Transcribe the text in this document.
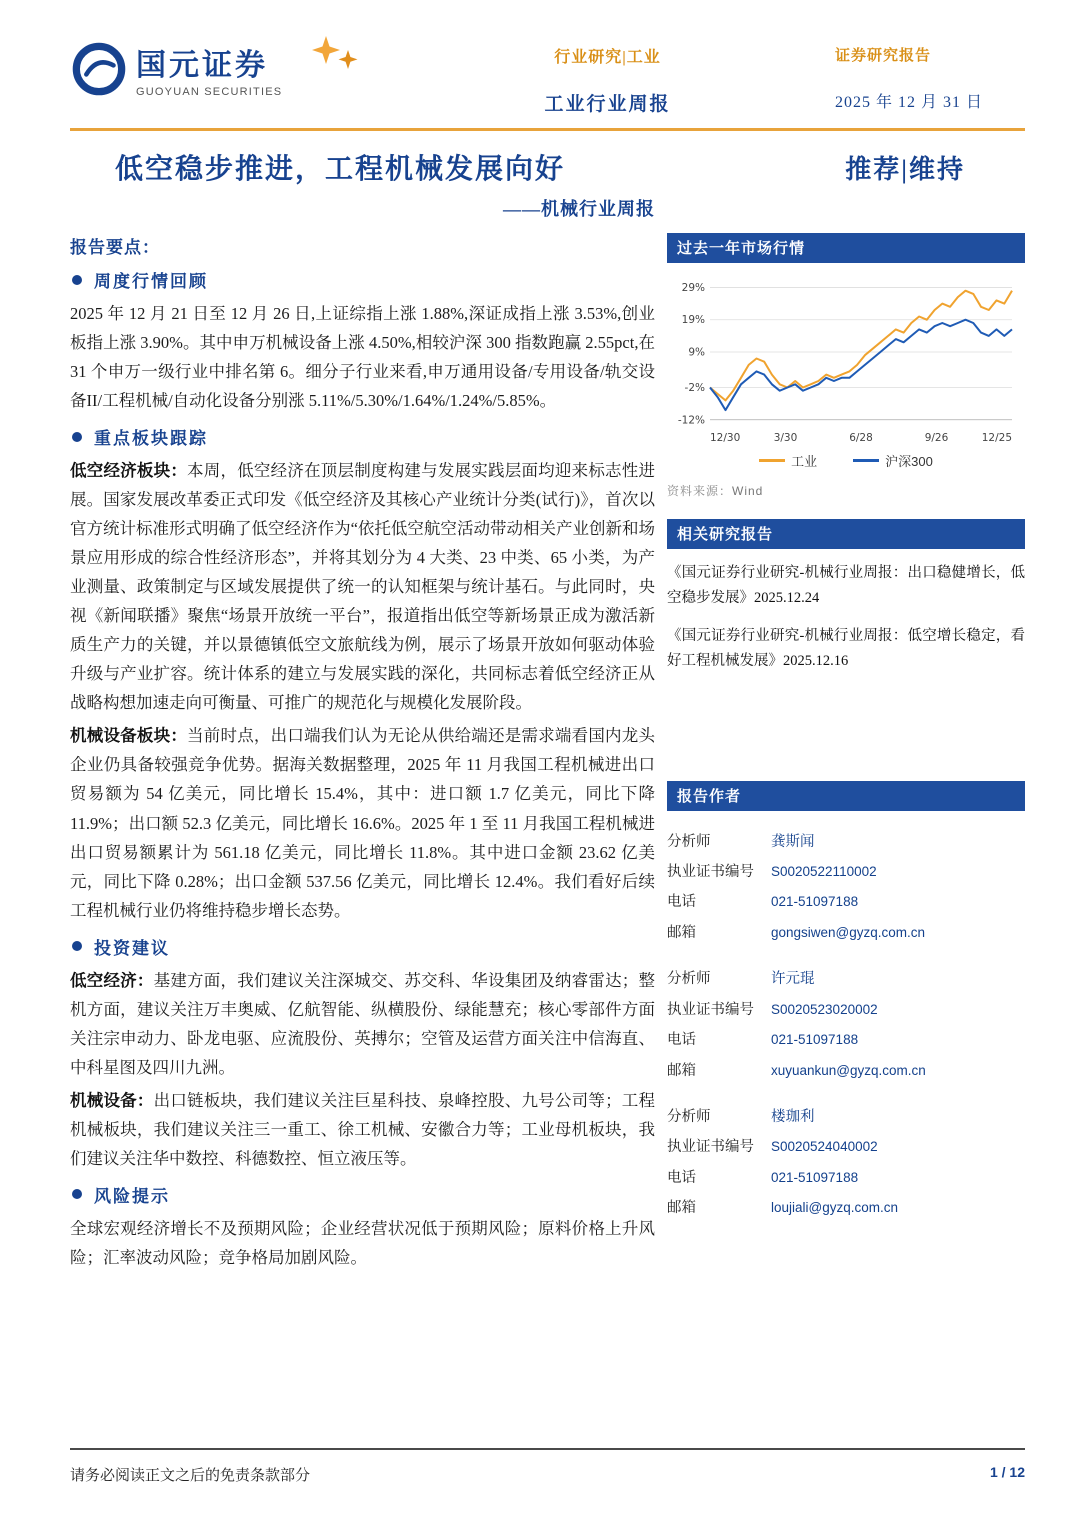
国元证券
GUOYUAN SECURITIES
行业研究|工业
工业行业周报
证券研究报告
2025 年 12 月 31 日
低空稳步推进，工程机械发展向好	推荐|维持
——机械行业周报
报告要点：
周度行情回顾

2025 年 12 月 21 日至 12 月 26 日,上证综指上涨 1.88%,深证成指上涨 3.53%,创业板指上涨 3.90%。其中申万机械设备上涨 4.50%,相较沪深 300 指数跑赢 2.55pct,在 31 个申万一级行业中排名第 6。细分子行业来看,申万通用设备/专用设备/轨交设备II/工程机械/自动化设备分别涨 5.11%/5.30%/1.64%/1.24%/5.85%。

重点板块跟踪

低空经济板块：本周，低空经济在顶层制度构建与发展实践层面均迎来标志性进展。国家发展改革委正式印发《低空经济及其核心产业统计分类(试行)》，首次以官方统计标准形式明确了低空经济作为“依托低空航空活动带动相关产业创新和场景应用形成的综合性经济形态”，并将其划分为 4 大类、23 中类、65 小类，为产业测量、政策制定与区域发展提供了统一的认知框架与统计基石。与此同时，央视《新闻联播》聚焦“场景开放统一平台”，报道指出低空等新场景正成为激活新质生产力的关键，并以景德镇低空文旅航线为例，展示了场景开放如何驱动体验升级与产业扩容。统计体系的建立与发展实践的深化，共同标志着低空经济正从战略构想加速走向可衡量、可推广的规范化与规模化发展阶段。

机械设备板块：当前时点，出口端我们认为无论从供给端还是需求端看国内龙头企业仍具备较强竞争优势。据海关数据整理，2025 年 11 月我国工程机械进出口贸易额为 54 亿美元，同比增长 15.4%，其中：进口额 1.7 亿美元，同比下降 11.9%；出口额 52.3 亿美元，同比增长 16.6%。2025 年 1 至 11 月我国工程机械进出口贸易额累计为 561.18 亿美元，同比增长 11.8%。其中进口金额 23.62 亿美元，同比下降 0.28%；出口金额 537.56 亿美元，同比增长 12.4%。我们看好后续工程机械行业仍将维持稳步增长态势。

投资建议

低空经济：基建方面，我们建议关注深城交、苏交科、华设集团及纳睿雷达；整机方面，建议关注万丰奥威、亿航智能、纵横股份、绿能慧充；核心零部件方面关注宗申动力、卧龙电驱、应流股份、英搏尔；空管及运营方面关注中信海直、中科星图及四川九洲。

机械设备：出口链板块，我们建议关注巨星科技、泉峰控股、九号公司等；工程机械板块，我们建议关注三一重工、徐工机械、安徽合力等；工业母机板块，我们建议关注华中数控、科德数控、恒立液压等。

风险提示

全球宏观经济增长不及预期风险；企业经营状况低于预期风险；原料价格上升风险；汇率波动风险；竞争格局加剧风险。

过去一年市场行情
29%
19%
9%
-2%
-12%
12/30	3/30	6/28	9/26	12/25
工业	沪深300
资料来源：Wind
相关研究报告

《国元证券行业研究-机械行业周报：出口稳健增长，低空稳步发展》2025.12.24

《国元证券行业研究-机械行业周报：低空增长稳定，看好工程机械发展》2025.12.16

报告作者
分析师	龚斯闻
执业证书编号	S0020522110002
电话	021-51097188
邮箱	gongsiwen@gyzq.com.cn
分析师	许元琨
执业证书编号	S0020523020002
电话	021-51097188
邮箱	xuyuankun@gyzq.com.cn
分析师	楼珈利
执业证书编号	S0020524040002
电话	021-51097188
邮箱	loujiali@gyzq.com.cn
请务必阅读正文之后的免责条款部分	1 / 12
